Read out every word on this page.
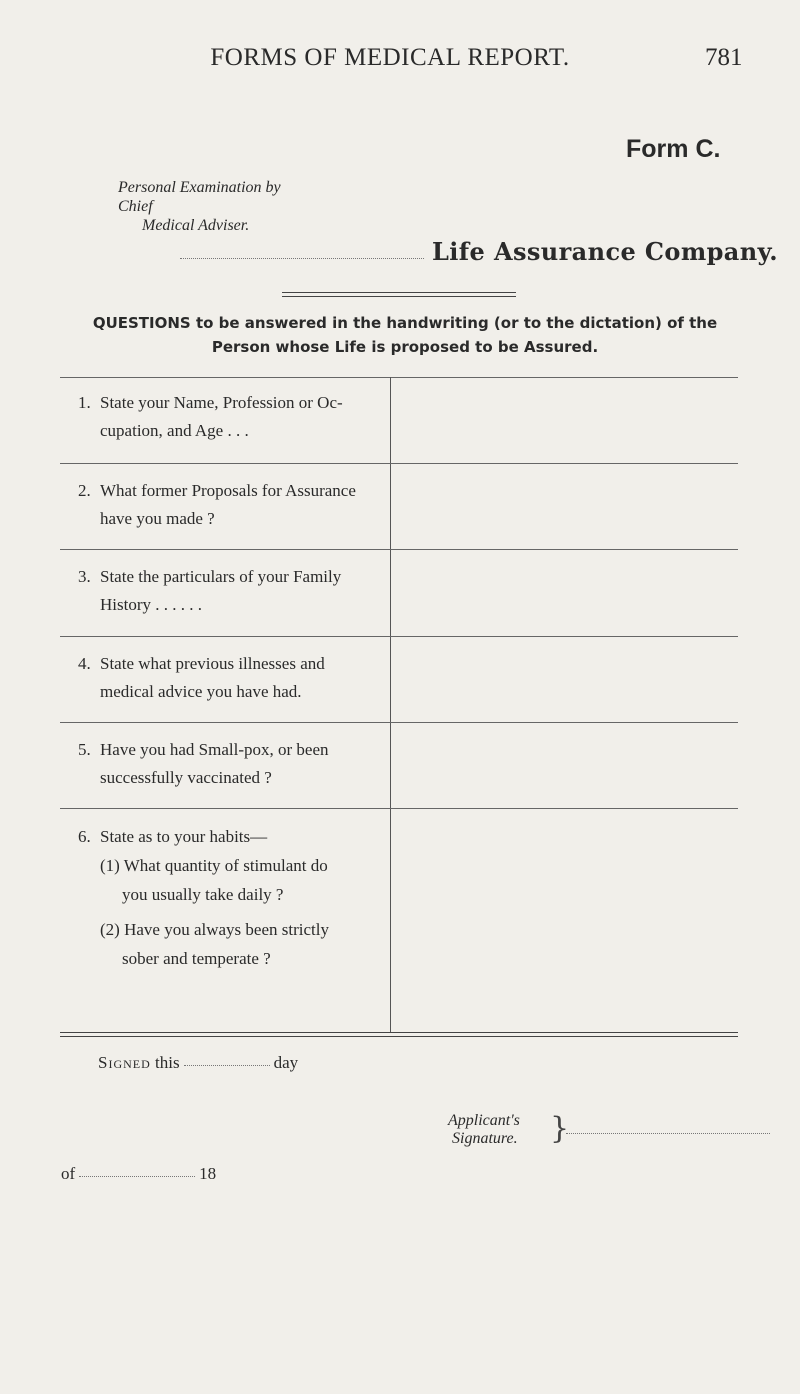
FORMS OF MEDICAL REPORT.	781
Form C.
Personal Examination by Chief
Medical Adviser.
Life Assurance Company.
QUESTIONS to be answered in the handwriting (or to the dictation) of the
Person whose Life is proposed to be Assured.
1. State your Name, Profession or Oc-
cupation, and Age . . .
2. What former Proposals for Assurance
have you made ?
3. State the particulars of your Family
History . . . . . .
4. State what previous illnesses and
medical advice you have had.
5. Have you had Small-pox, or been
successfully vaccinated ?
6. State as to your habits—
(1) What quantity of stimulant do
you usually take daily ?
(2) Have you always been strictly
sober and temperate ?
Signed this	day
Applicant's
Signature. }
of	18
